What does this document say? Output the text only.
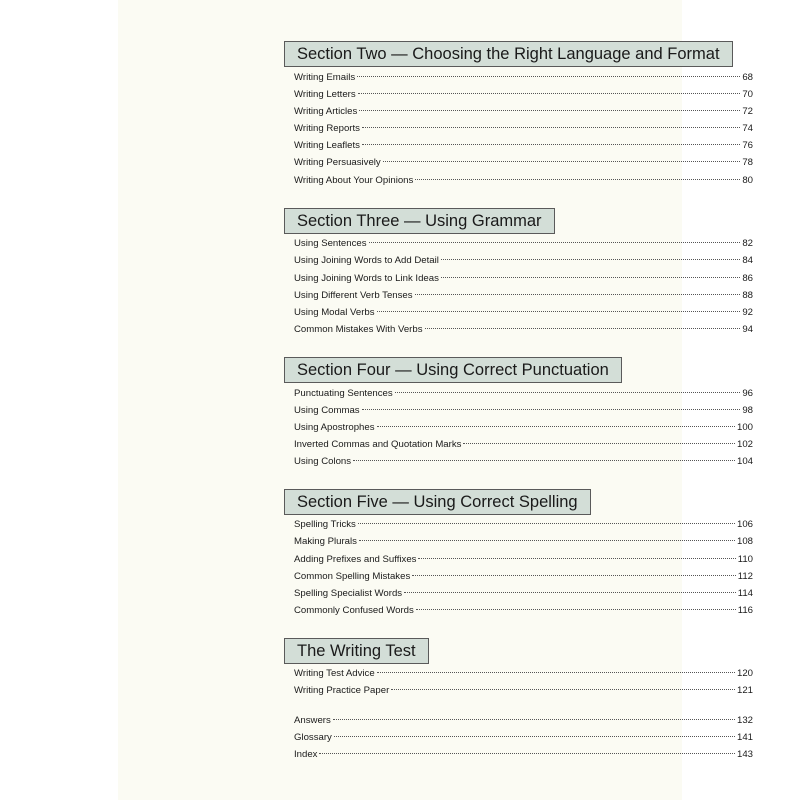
Section Two — Choosing the Right Language and Format
Writing Emails	68
Writing Letters	70
Writing Articles	72
Writing Reports	74
Writing Leaflets	76
Writing Persuasively	78
Writing About Your Opinions	80
Section Three — Using Grammar
Using Sentences	82
Using Joining Words to Add Detail	84
Using Joining Words to Link Ideas	86
Using Different Verb Tenses	88
Using Modal Verbs	92
Common Mistakes With Verbs	94
Section Four — Using Correct Punctuation
Punctuating Sentences	96
Using Commas	98
Using Apostrophes	100
Inverted Commas and Quotation Marks	102
Using Colons	104
Section Five — Using Correct Spelling
Spelling Tricks	106
Making Plurals	108
Adding Prefixes and Suffixes	110
Common Spelling Mistakes	112
Spelling Specialist Words	114
Commonly Confused Words	116
The Writing Test
Writing Test Advice	120
Writing Practice Paper	121
Answers	132
Glossary	141
Index	143
